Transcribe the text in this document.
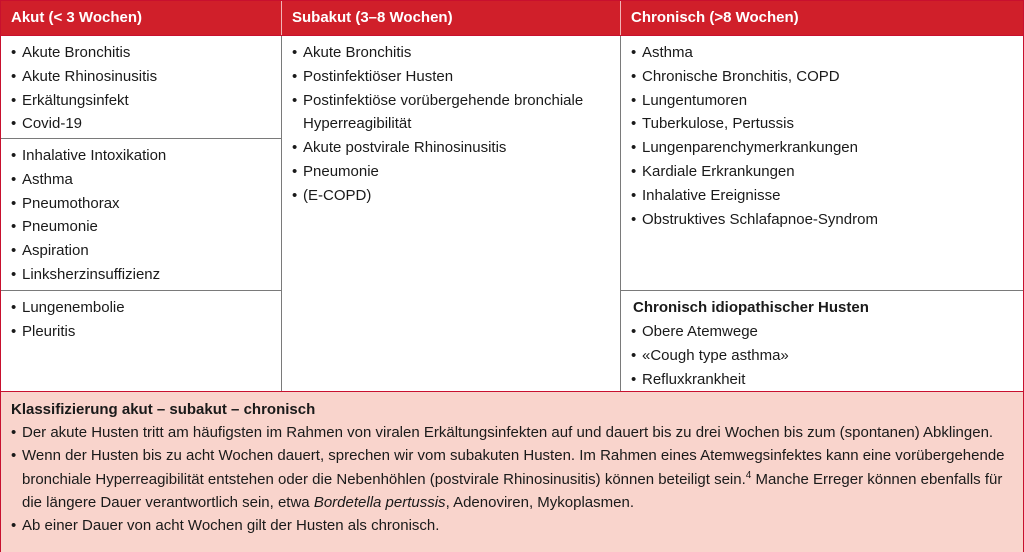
Akut (< 3 Wochen)	Subakut (3–8 Wochen)	Chronisch (>8 Wochen)
• Akute Bronchitis
• Akute Rhinosinusitis
• Erkältungsinfekt
• Covid-19
• Inhalative Intoxikation
• Asthma
• Pneumothorax
• Pneumonie
• Aspiration
• Linksherzinsuffizienz
• Lungenembolie
• Pleuritis
• Akute Bronchitis
• Postinfektiöser Husten
• Postinfektiöse vorübergehende bronchiale Hyperreagibilität
• Akute postvirale Rhinosinusitis
• Pneumonie
• (E-COPD)
• Asthma
• Chronische Bronchitis, COPD
• Lungentumoren
• Tuberkulose, Pertussis
• Lungenparenchymerkrankungen
• Kardiale Erkrankungen
• Inhalative Ereignisse
• Obstruktives Schlafapnoe-Syndrom
Chronisch idiopathischer Husten
• Obere Atemwege
• «Cough type asthma»
• Refluxkrankheit
Klassifizierung akut – subakut – chronisch
• Der akute Husten tritt am häufigsten im Rahmen von viralen Erkältungsinfekten auf und dauert bis zu drei Wochen bis zum (spontanen) Abklingen.
• Wenn der Husten bis zu acht Wochen dauert, sprechen wir vom subakuten Husten. Im Rahmen eines Atemwegsinfektes kann eine vorübergehende bronchiale Hyperreagibilität entstehen oder die Nebenhöhlen (postvirale Rhinosinusitis) können beteiligt sein.$^4$ Manche Erreger können ebenfalls für die längere Dauer verantwortlich sein, etwa Bordetella pertussis, Adenoviren, Mykoplasmen.
• Ab einer Dauer von acht Wochen gilt der Husten als chronisch.
